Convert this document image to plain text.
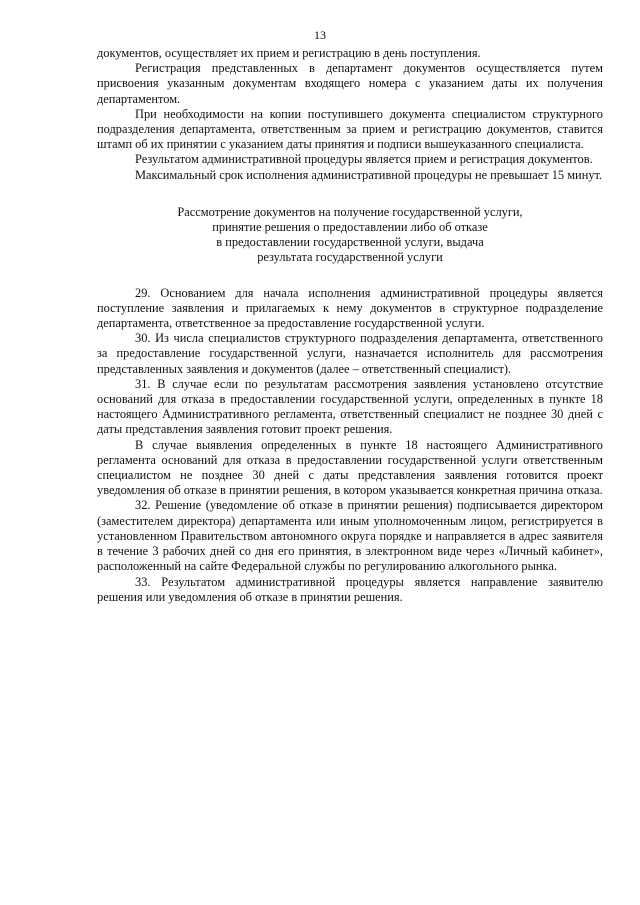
13

документов, осуществляет их прием и регистрацию в день поступления.

Регистрация представленных в департамент документов осуществляется путем присвоения указанным документам входящего номера с указанием даты их получения департаментом.

При необходимости на копии поступившего документа специалистом структурного подразделения департамента, ответственным за прием и регистрацию документов, ставится штамп об их принятии с указанием даты принятия и подписи вышеуказанного специалиста.

Результатом административной процедуры является прием и регистрация документов.

Максимальный срок исполнения административной процедуры не превышает 15 минут.

Рассмотрение документов на получение государственной услуги,
принятие решения о предоставлении либо об отказе
в предоставлении государственной услуги, выдача
результата государственной услуги

29. Основанием для начала исполнения административной процедуры является поступление заявления и прилагаемых к нему документов в структурное подразделение департамента, ответственное за предоставление государственной услуги.

30. Из числа специалистов структурного подразделения департамента, ответственного за предоставление государственной услуги, назначается исполнитель для рассмотрения представленных заявления и документов (далее – ответственный специалист).

31. В случае если по результатам рассмотрения заявления установлено отсутствие оснований для отказа в предоставлении государственной услуги, определенных в пункте 18 настоящего Административного регламента, ответственный специалист не позднее 30 дней с даты представления заявления готовит проект решения.

В случае выявления определенных в пункте 18 настоящего Административного регламента оснований для отказа в предоставлении государственной услуги ответственным специалистом не позднее 30 дней с даты представления заявления готовится проект уведомления об отказе в принятии решения, в котором указывается конкретная причина отказа.

32. Решение (уведомление об отказе в принятии решения) подписывается директором (заместителем директора) департамента или иным уполномоченным лицом, регистрируется в установленном Правительством автономного округа порядке и направляется в адрес заявителя в течение 3 рабочих дней со дня его принятия, в электронном виде через «Личный кабинет», расположенный на сайте Федеральной службы по регулированию алкогольного рынка.

33. Результатом административной процедуры является направление заявителю решения или уведомления об отказе в принятии решения.
